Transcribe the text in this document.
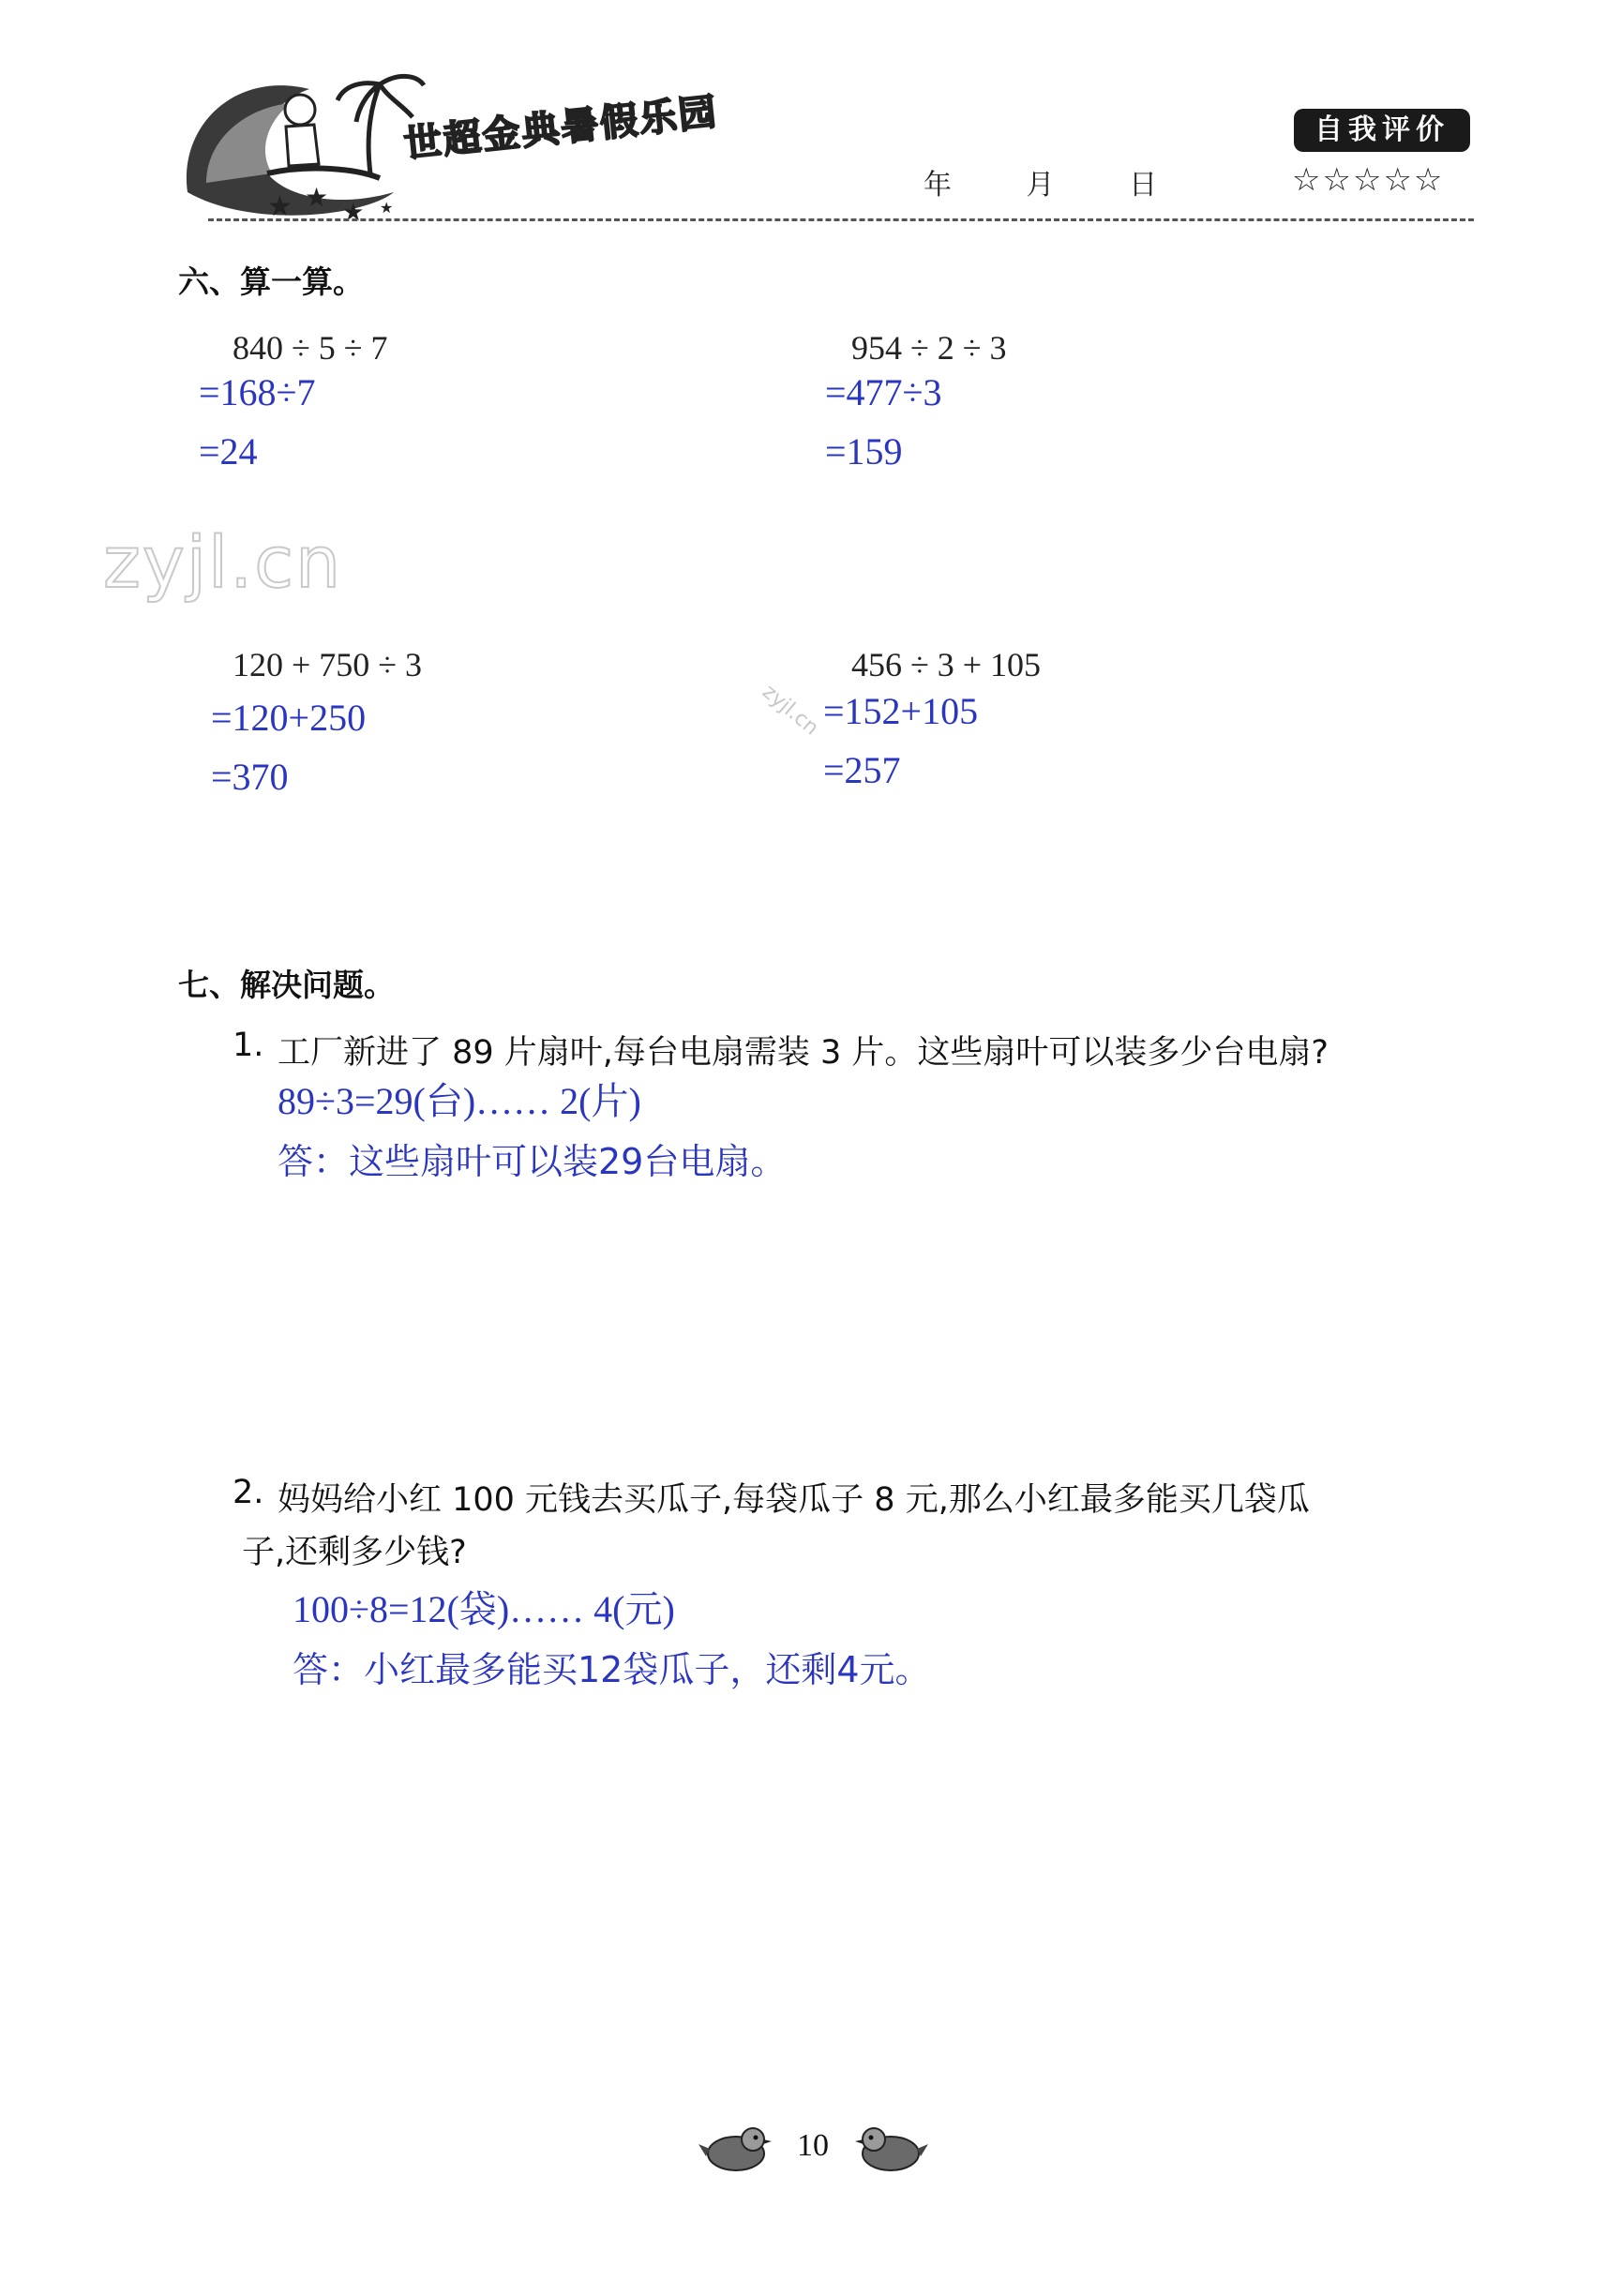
★ ★ ★ ★
世超金典暑假乐园
年	月	日
自我评价
☆☆☆☆☆
六、算一算。
840 ÷ 5 ÷ 7
=168÷7
=24
954 ÷ 2 ÷ 3
=477÷3
=159
zyjl.cn
120 + 750 ÷ 3
=120+250
=370
zyjl.cn
456 ÷ 3 + 105
=152+105
=257
七、解决问题。
1. 工厂新进了 89 片扇叶,每台电扇需装 3 片。这些扇叶可以装多少台电扇?
89÷3=29(台)…… 2(片)
答：这些扇叶可以装29台电扇。
2. 妈妈给小红 100 元钱去买瓜子,每袋瓜子 8 元,那么小红最多能买几袋瓜
子,还剩多少钱?
100÷8=12(袋)…… 4(元)
答：小红最多能买12袋瓜子，还剩4元。
10
